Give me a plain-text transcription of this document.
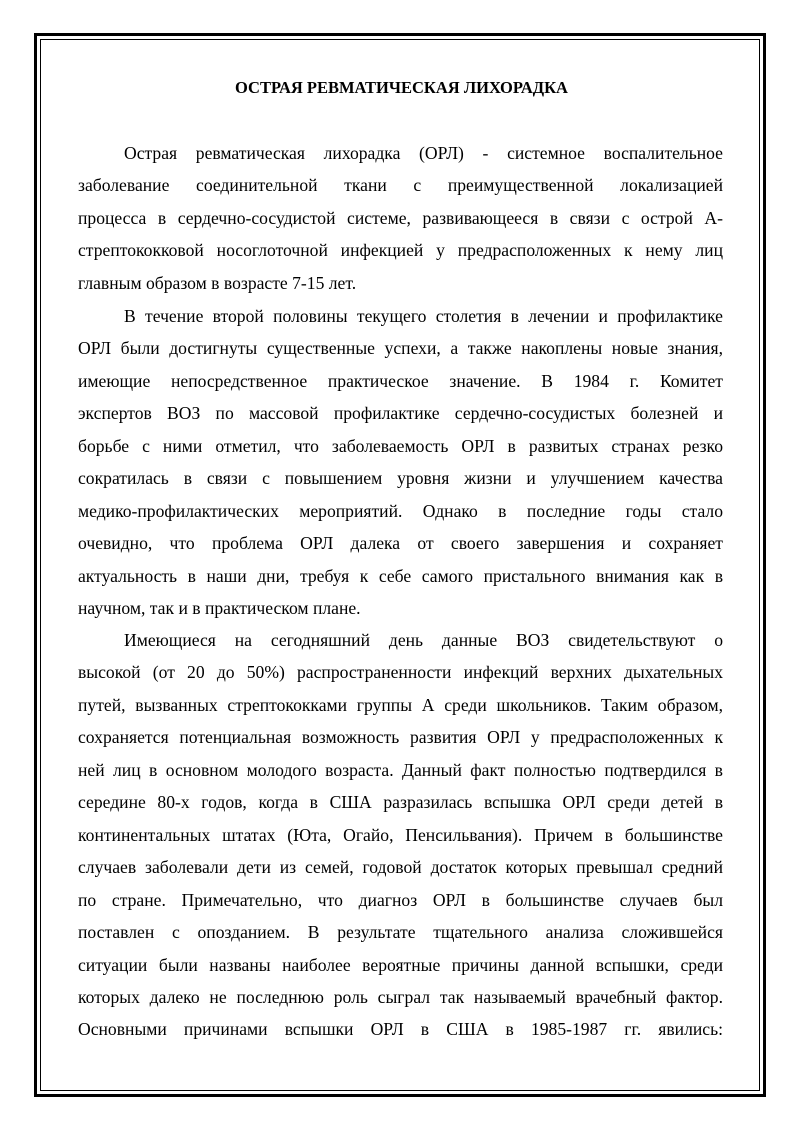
ОСТРАЯ РЕВМАТИЧЕСКАЯ ЛИХОРАДКА

Острая ревматическая лихорадка (ОРЛ) - системное воспалительное

заболевание соединительной ткани с преимущественной локализацией

процесса в сердечно-сосудистой системе, развивающееся в связи с острой А-

стрептококковой носоглоточной инфекцией у предрасположенных к нему лиц

главным образом в возрасте 7-15 лет.

В течение второй половины текущего столетия в лечении и профилактике

ОРЛ были достигнуты существенные успехи, а также накоплены новые знания,

имеющие непосредственное практическое значение. В 1984 г. Комитет

экспертов ВОЗ по массовой профилактике сердечно-сосудистых болезней и

борьбе с ними отметил, что заболеваемость ОРЛ в развитых странах резко

сократилась в связи с повышением уровня жизни и улучшением качества

медико-профилактических мероприятий. Однако в последние годы стало

очевидно, что проблема ОРЛ далека от своего завершения и сохраняет

актуальность в наши дни, требуя к себе самого пристального внимания как в

научном, так и в практическом плане.

Имеющиеся на сегодняшний день данные ВОЗ свидетельствуют о

высокой (от 20 до 50%) распространенности инфекций верхних дыхательных

путей, вызванных стрептококками группы А среди школьников. Таким образом,

сохраняется потенциальная возможность развития ОРЛ у предрасположенных к

ней лиц в основном молодого возраста. Данный факт полностью подтвердился в

середине 80-х годов, когда в США разразилась вспышка ОРЛ среди детей в

континентальных штатах (Юта, Огайо, Пенсильвания). Причем в большинстве

случаев заболевали дети из семей, годовой достаток которых превышал средний

по стране. Примечательно, что диагноз ОРЛ в большинстве случаев был

поставлен с опозданием. В результате тщательного анализа сложившейся

ситуации были названы наиболее вероятные причины данной вспышки, среди

которых далеко не последнюю роль сыграл так называемый врачебный фактор.

Основными причинами вспышки ОРЛ в США в 1985-1987 гг. явились:
